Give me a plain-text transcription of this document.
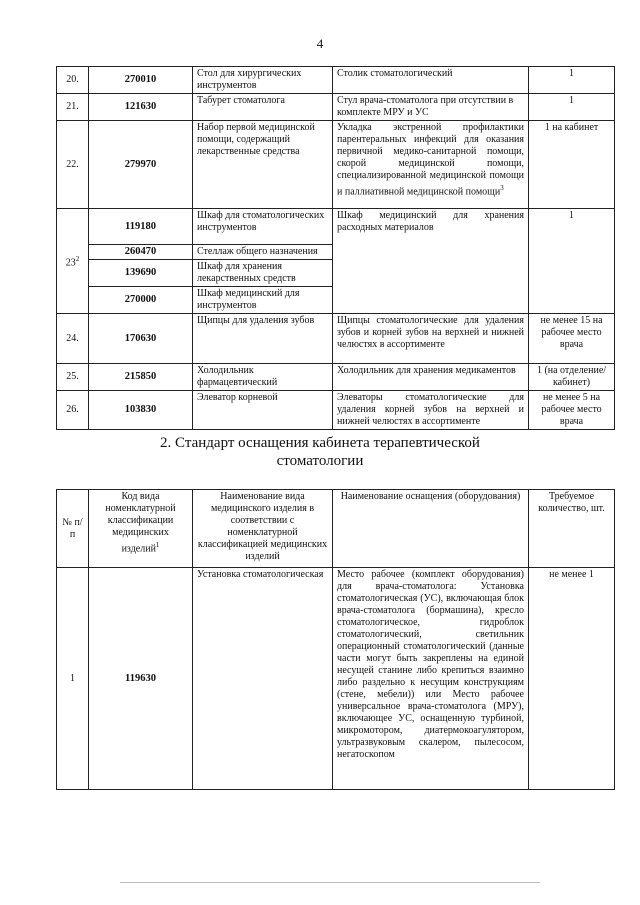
4
20.	270010	Стол для хирургических инструментов	Столик стоматологический	1
21.	121630	Табурет стоматолога	Стул врача-стоматолога при отсутствии в комплекте МРУ и УС	1
22.	279970	Набор первой медицинской помощи, содержащий лекарственные средства	Укладка экстренной профилактики парентеральных инфекций для оказания первичной медико-санитарной помощи, скорой медицинской помощи, специализированной медицинской помощи и паллиативной медицинской помощи$^3$	1 на кабинет
$23^2$	119180	Шкаф для стоматологических инструментов	Шкаф медицинский для хранения расходных материалов	1
	260470	Стеллаж общего назначения		
	139690	Шкаф для хранения лекарственных средств		
	270000	Шкаф медицинский для инструментов		
24.	170630	Щипцы для удаления зубов	Щипцы стоматологические для удаления зубов и корней зубов на верхней и нижней челюстях в ассортименте	не менее 15 на рабочее место врача
25.	215850	Холодильник фармацевтический	Холодильник для хранения медикаментов	1 (на отделение/ кабинет)
26.	103830	Элеватор корневой	Элеваторы стоматологические для удаления корней зубов на верхней и нижней челюстях в ассортименте	не менее 5 на рабочее место врача
2. Стандарт оснащения кабинета терапевтической
стоматологии
№ п/п	Код вида номенклатурной классификации медицинских изделий$^1$	Наименование вида медицинского изделия в соответствии с номенклатурной классификацией медицинских изделий	Наименование оснащения (оборудования)	Требуемое количество, шт.
1	119630	Установка стоматологическая	Место рабочее (комплект оборудования) для врача-стоматолога: Установка стоматологическая (УС), включающая блок врача-стоматолога (бормашина), кресло стоматологическое, гидроблок стоматологический, светильник операционный стоматологический (данные части могут быть закреплены на единой несущей станине либо крепиться взаимно либо раздельно к несущим конструкциям (стене, мебели)) или Место рабочее универсальное врача-стоматолога (МРУ), включающее УС, оснащенную турбиной, микромотором, диатермокоагулятором, ультразвуковым скалером, пылесосом, негатоскопом	не менее 1
